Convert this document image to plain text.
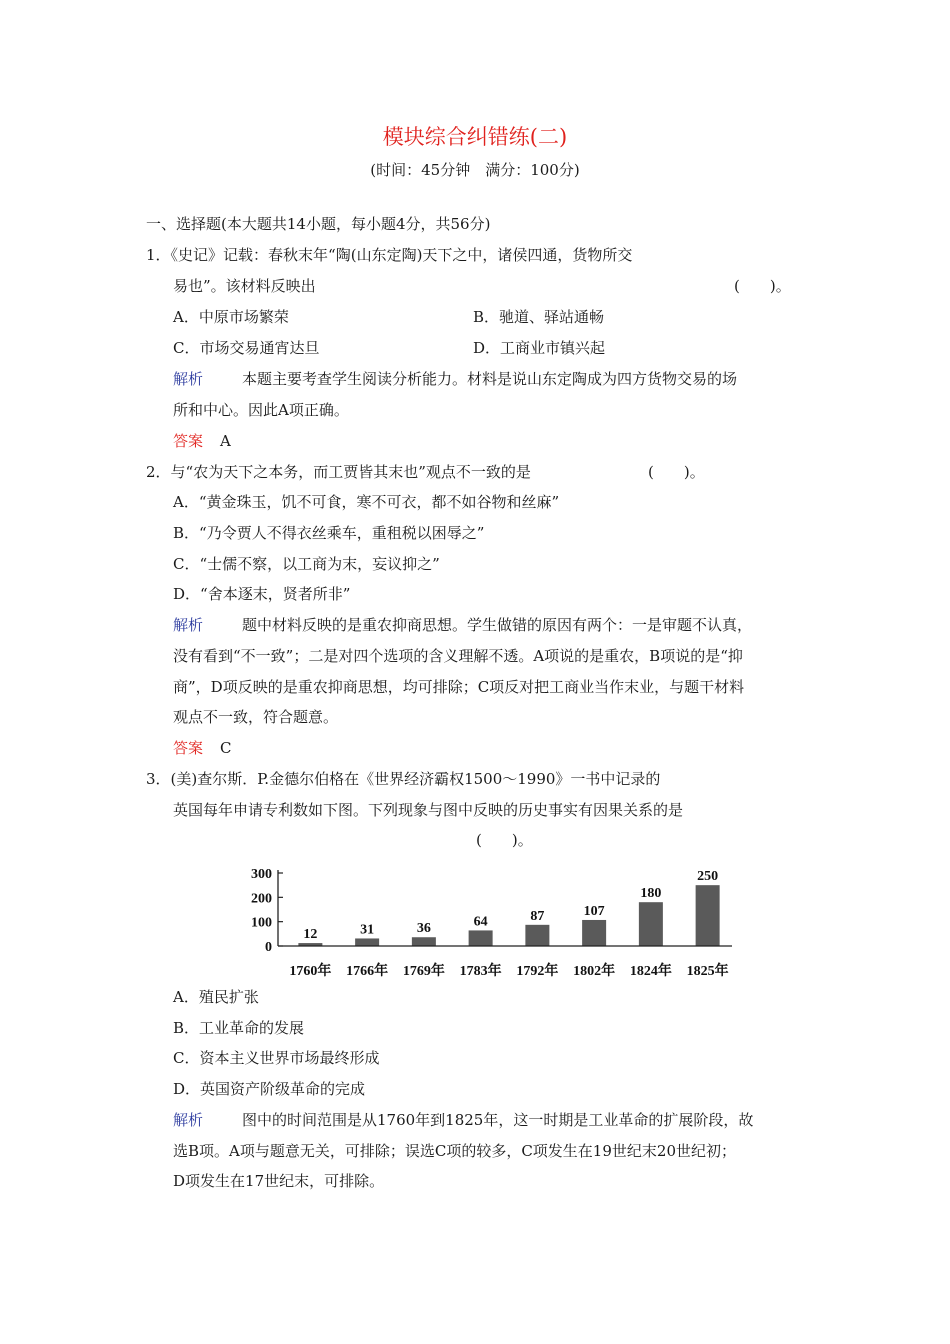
模块综合纠错练(二)
(时间：45分钟　满分：100分)
一、选择题(本大题共14小题，每小题4分，共56分)
1．《史记》记载：春秋末年“陶(山东定陶)天下之中，诸侯四通，货物所交
易也”。该材料反映出	(　　)。
A．中原市场繁荣	B．驰道、驿站通畅
C．市场交易通宵达旦	D．工商业市镇兴起
解析	本题主要考查学生阅读分析能力。材料是说山东定陶成为四方货物交易的场
所和中心。因此A项正确。
答案 A
2．与“农为天下之本务，而工贾皆其末也”观点不一致的是	(　　)。
A．“黄金珠玉，饥不可食，寒不可衣，都不如谷物和丝麻”
B．“乃令贾人不得衣丝乘车，重租税以困辱之”
C．“士儒不察，以工商为末，妄议抑之”
D．“舍本逐末，贤者所非”
解析	题中材料反映的是重农抑商思想。学生做错的原因有两个：一是审题不认真，
没有看到“不一致”；二是对四个选项的含义理解不透。A项说的是重农，B项说的是“抑
商”，D项反映的是重农抑商思想，均可排除；C项反对把工商业当作末业，与题干材料
观点不一致，符合题意。
答案 C
3．(美)查尔斯．P.金德尔伯格在《世界经济霸权1500～1990》一书中记录的
英国每年申请专利数如下图。下列现象与图中反映的历史事实有因果关系的是
(　　)。
300
200
100
0
12	31	36	64	87	107
180
250
1760年 1766年 1769年 1783年 1792年 1802年 1824年 1825年
A．殖民扩张
B．工业革命的发展
C．资本主义世界市场最终形成
D．英国资产阶级革命的完成
解析	图中的时间范围是从1760年到1825年，这一时期是工业革命的扩展阶段，故
选B项。A项与题意无关，可排除；误选C项的较多，C项发生在19世纪末20世纪初；
D项发生在17世纪末，可排除。
